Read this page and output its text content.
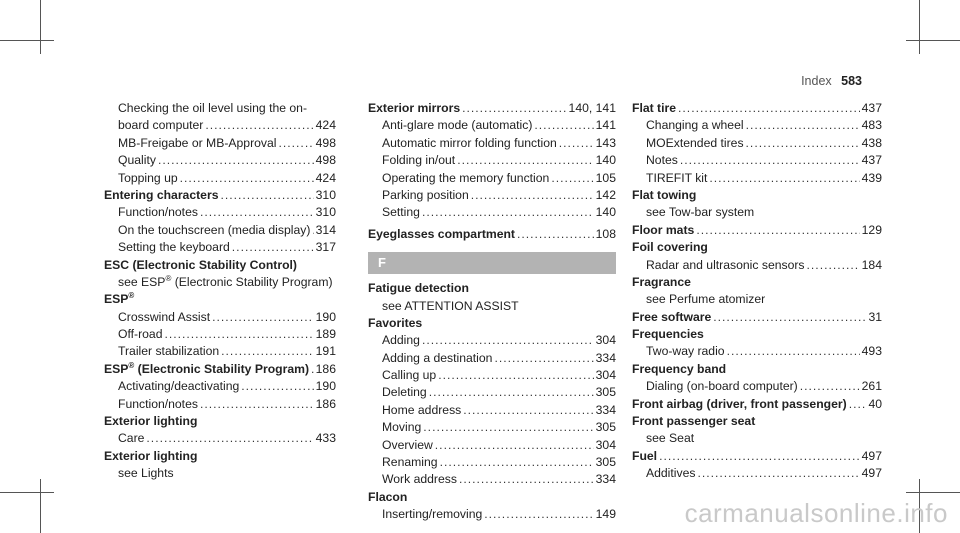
Index 583
Checking the oil level using the on-
board computer .....	424
MB-Freigabe or MB-Approval .....	498
Quality .....	498
Topping up .....	424
Entering characters .....	310
Function/notes .....	310
On the touchscreen (media display) ..... 314
Setting the keyboard .....	317
ESC (Electronic Stability Control)
see ESP® (Electronic Stability Program)
ESP®
Crosswind Assist .....	190
Off-road .....	189
Trailer stabilization .....	191
ESP® (Electronic Stability Program) ..... 186
Activating/deactivating .....	190
Function/notes .....	186
Exterior lighting
Care .....	433
Exterior lighting
see Lights
Exterior mirrors .....	140, 141
Anti-glare mode (automatic) .....	141
Automatic mirror folding function .....	143
Folding in/out .....	140
Operating the memory function .....	105
Parking position .....	142
Setting .....	140
Eyeglasses compartment .....	108
F
Fatigue detection
see ATTENTION ASSIST
Favorites
Adding .....	304
Adding a destination .....	334
Calling up .....	304
Deleting .....	305
Home address .....	334
Moving .....	305
Overview .....	304
Renaming .....	305
Work address .....	334
Flacon
Inserting/removing .....	149
Flat tire .....	437
Changing a wheel .....	483
MOExtended tires .....	438
Notes .....	437
TIREFIT kit .....	439
Flat towing
see Tow-bar system
Floor mats .....	129
Foil covering
Radar and ultrasonic sensors .....	184
Fragrance
see Perfume atomizer
Free software .....	31
Frequencies
Two-way radio .....	493
Frequency band
Dialing (on-board computer) .....	261
Front airbag (driver, front passenger) ..... 40
Front passenger seat
see Seat
Fuel .....	497
Additives .....	497
carmanualsonline.info
